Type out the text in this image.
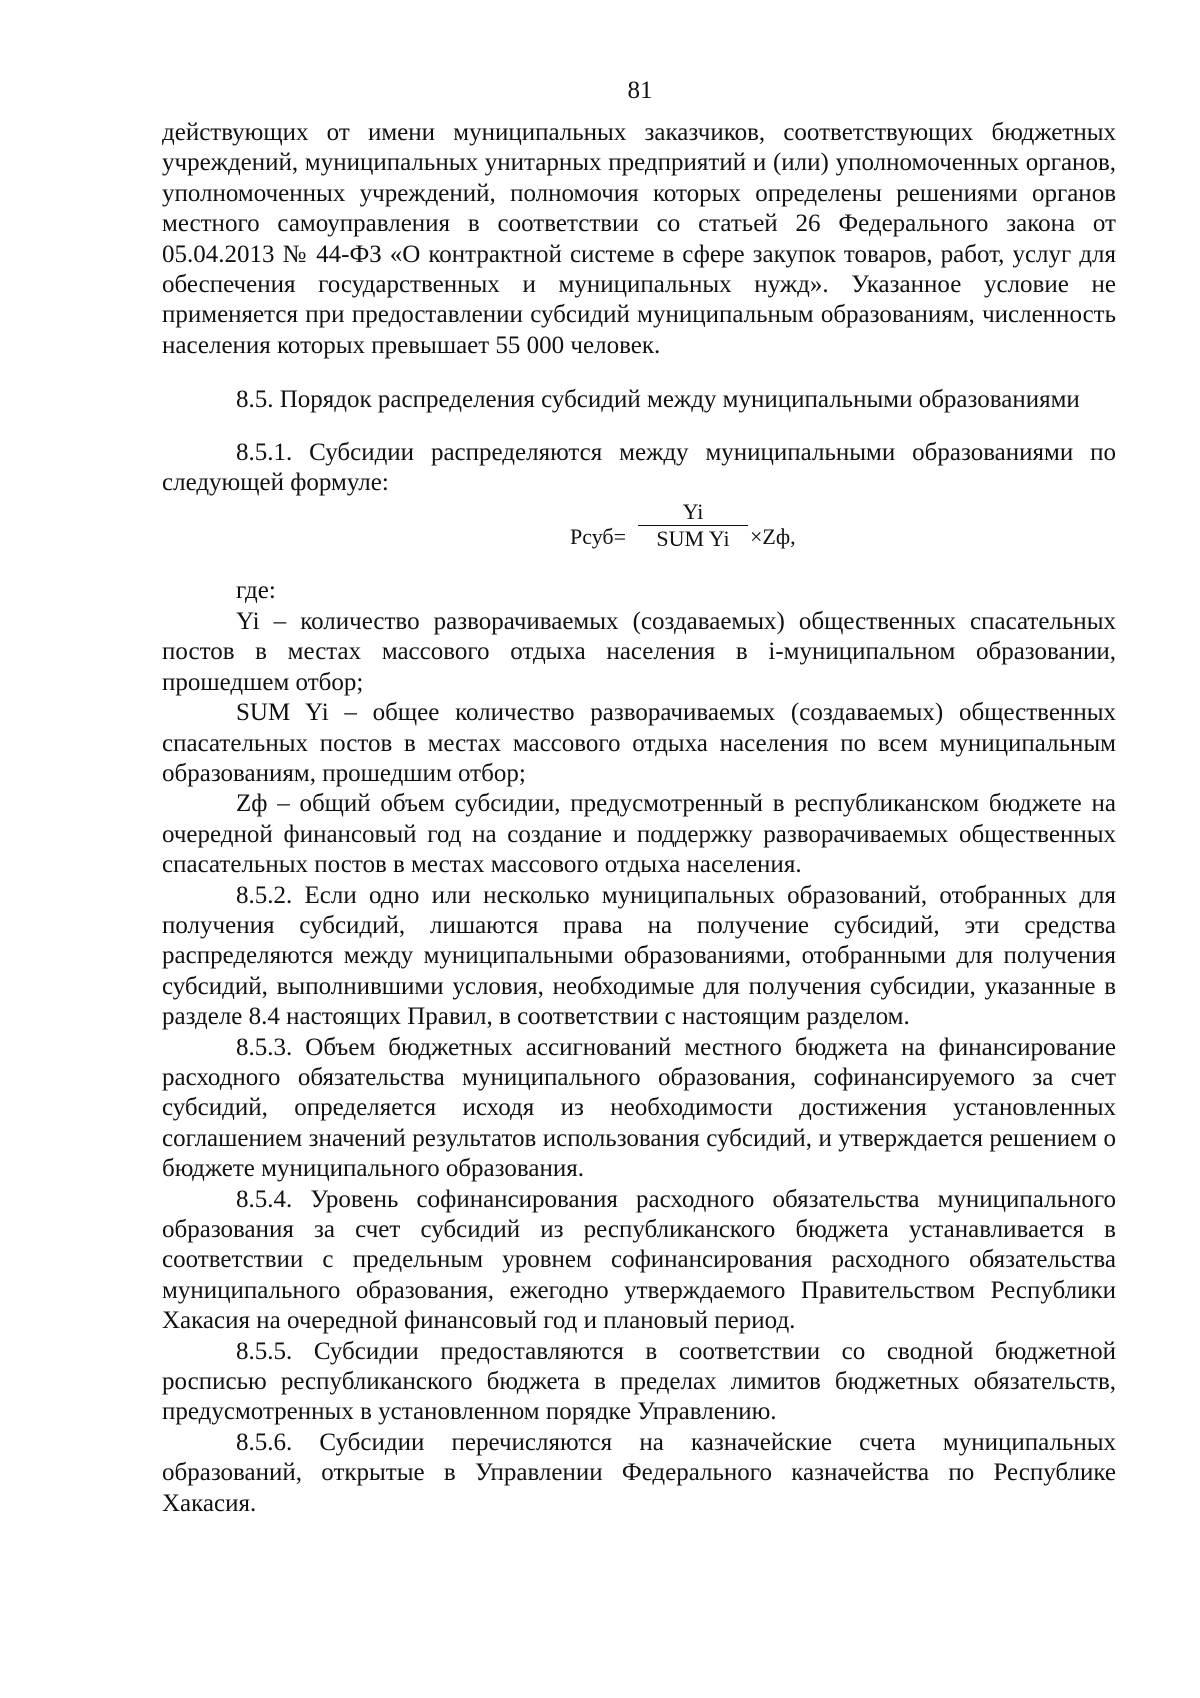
81

действующих от имени муниципальных заказчиков, соответствующих бюджетных учреждений, муниципальных унитарных предприятий и (или) уполномоченных органов, уполномоченных учреждений, полномочия которых определены решениями органов местного самоуправления в соответствии со статьей 26 Федерального закона от 05.04.2013 № 44-ФЗ «О контрактной системе в сфере закупок товаров, работ, услуг для обеспечения государственных и муниципальных нужд». Указанное условие не применяется при предоставлении субсидий муниципальным образованиям, численность населения которых превышает 55 000 человек.

8.5. Порядок распределения субсидий между муниципальными образованиями

8.5.1. Субсидии распределяются между муниципальными образованиями по следующей формуле:

Pсуб=
Yi
SUM Yi ×Zф,

где:

Yi – количество разворачиваемых (создаваемых) общественных спасательных постов в местах массового отдыха населения в i-муниципальном образовании, прошедшем отбор;

SUM Yi – общее количество разворачиваемых (создаваемых) общественных спасательных постов в местах массового отдыха населения по всем муниципальным образованиям, прошедшим отбор;

Zф – общий объем субсидии, предусмотренный в республиканском бюджете на очередной финансовый год на создание и поддержку разворачиваемых общественных спасательных постов в местах массового отдыха населения.

8.5.2. Если одно или несколько муниципальных образований, отобранных для получения субсидий, лишаются права на получение субсидий, эти средства распределяются между муниципальными образованиями, отобранными для получения субсидий, выполнившими условия, необходимые для получения субсидии, указанные в разделе 8.4 настоящих Правил, в соответствии с настоящим разделом.

8.5.3. Объем бюджетных ассигнований местного бюджета на финансирование расходного обязательства муниципального образования, софинансируемого за счет субсидий, определяется исходя из необходимости достижения установленных соглашением значений результатов использования субсидий, и утверждается решением о бюджете муниципального образования.

8.5.4. Уровень софинансирования расходного обязательства муниципального образования за счет субсидий из республиканского бюджета устанавливается в соответствии с предельным уровнем софинансирования расходного обязательства муниципального образования, ежегодно утверждаемого Правительством Республики Хакасия на очередной финансовый год и плановый период.

8.5.5. Субсидии предоставляются в соответствии со сводной бюджетной росписью республиканского бюджета в пределах лимитов бюджетных обязательств, предусмотренных в установленном порядке Управлению.

8.5.6. Субсидии перечисляются на казначейские счета муниципальных образований, открытые в Управлении Федерального казначейства по Республике Хакасия.
